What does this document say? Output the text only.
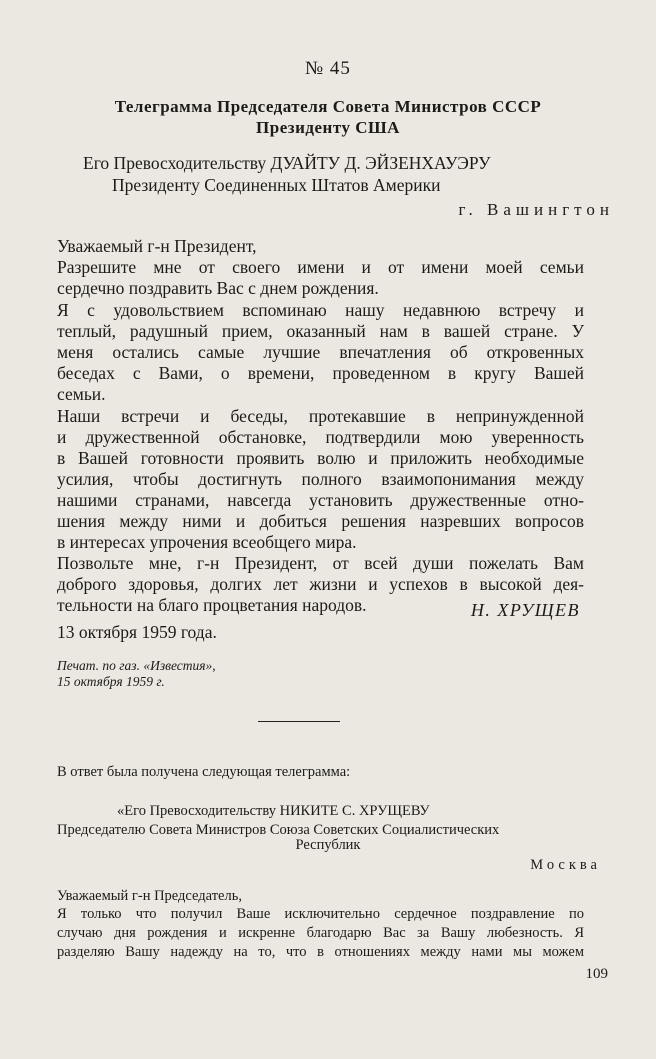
№ 45
Телеграмма Председателя Совета Министров СССР
Президенту США
Его Превосходительству ДУАЙТУ Д. ЭЙЗЕНХАУЭРУ
Президенту Соединенных Штатов Америки
г. Вашингтон
Уважаемый г-н Президент,
Разрешите мне от своего имени и от имени моей семьи
сердечно поздравить Вас с днем рождения.
Я с удовольствием вспоминаю нашу недавнюю встречу и
теплый, радушный прием, оказанный нам в вашей стране. У
меня остались самые лучшие впечатления об откровенных
беседах с Вами, о времени, проведенном в кругу Вашей
семьи.
Наши встречи и беседы, протекавшие в непринужденной
и дружественной обстановке, подтвердили мою уверенность
в Вашей готовности проявить волю и приложить необходимые
усилия, чтобы достигнуть полного взаимопонимания между
нашими странами, навсегда установить дружественные отно-
шения между ними и добиться решения назревших вопросов
в интересах упрочения всеобщего мира.
Позвольте мне, г-н Президент, от всей души пожелать Вам
доброго здоровья, долгих лет жизни и успехов в высокой дея-
тельности на благо процветания народов.	Н. ХРУЩЕВ
13 октября 1959 года.
Печат. по газ. «Известия»,
15 октября 1959 г.
В ответ была получена следующая телеграмма:
«Его Превосходительству НИКИТЕ С. ХРУЩЕВУ
Председателю Совета Министров Союза Советских Социалистических
Республик
Москва
Уважаемый г-н Председатель,
Я только что получил Ваше исключительно сердечное поздравление по
случаю дня рождения и искренне благодарю Вас за Вашу любезность. Я
разделяю Вашу надежду на то, что в отношениях между нами мы можем
109
